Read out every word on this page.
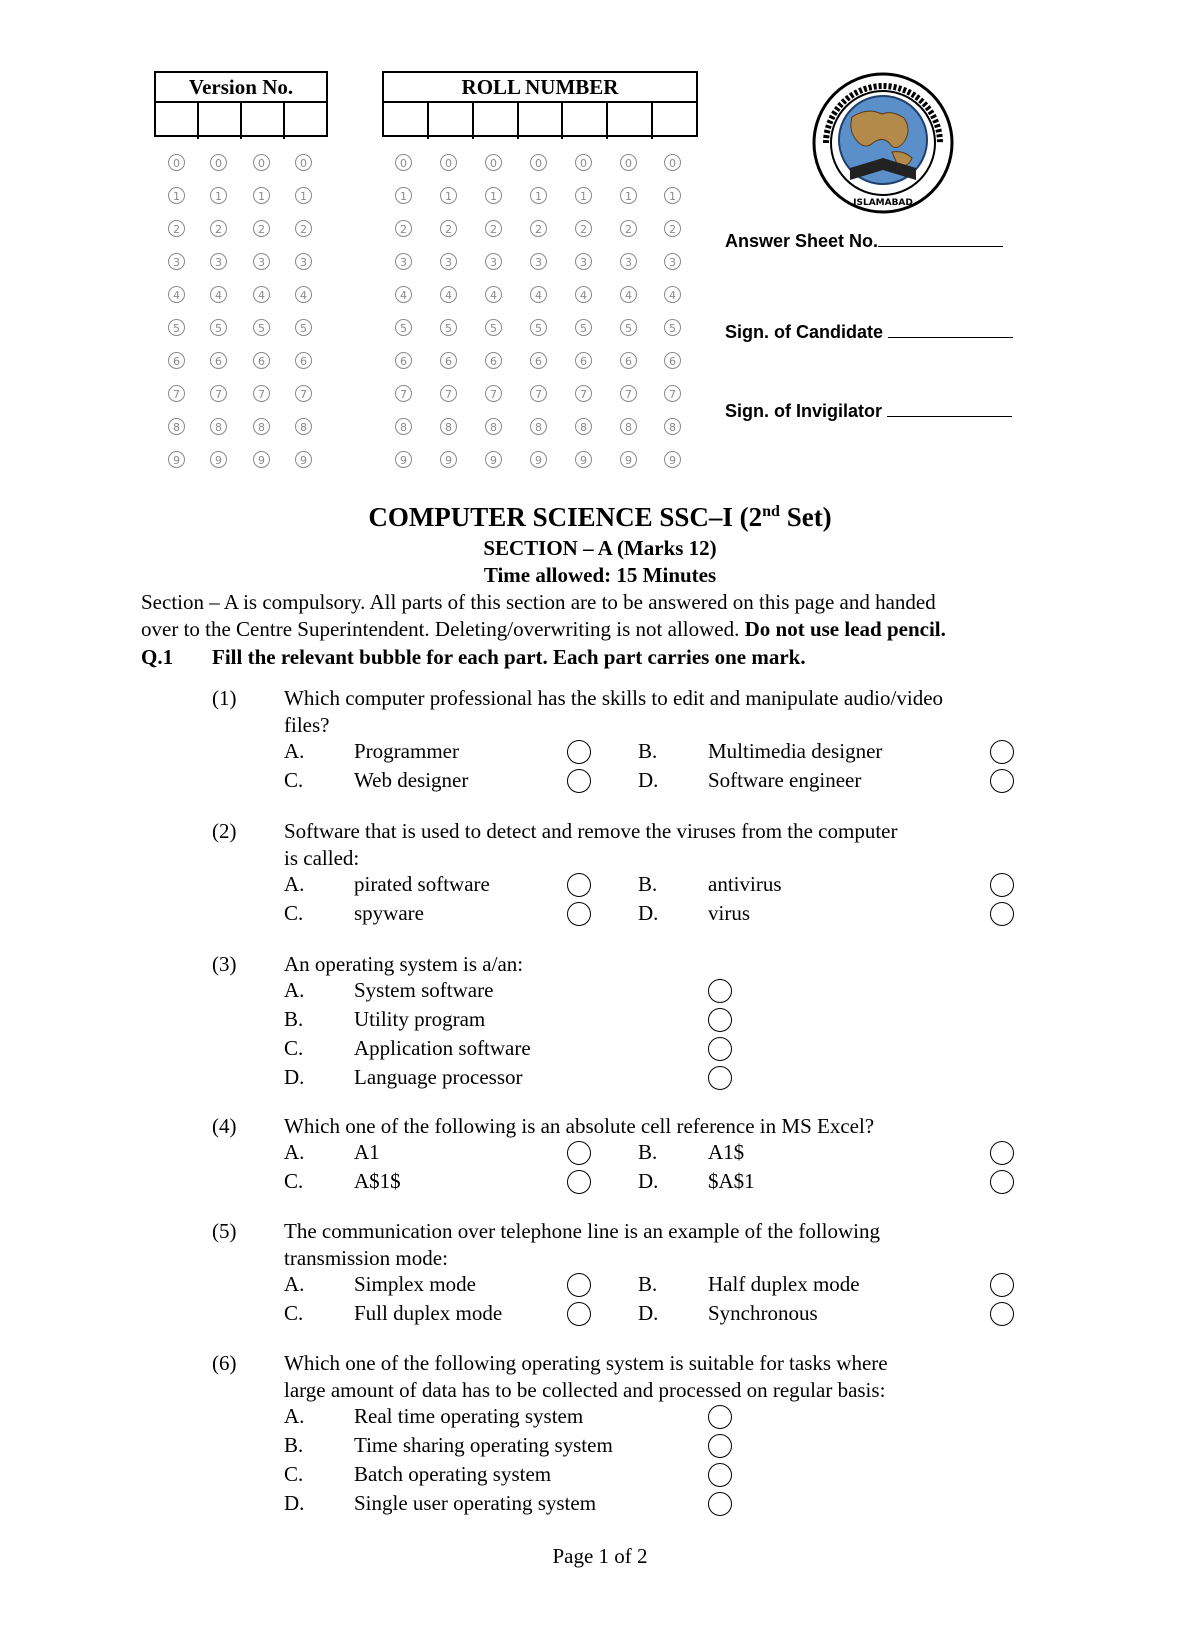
Version No.	ROLL NUMBER
0	0	0	0	0	0	0	0	0	0	0
1	1	1	1	1	1	1	1	1	1	1
2	2	2	2	2	2	2	2	2	2	2
3	3	3	3	3	3	3	3	3	3	3
4	4	4	4	4	4	4	4	4	4	4
5	5	5	5	5	5	5	5	5	5	5
6	6	6	6	6	6	6	6	6	6	6
7	7	7	7	7	7	7	7	7	7	7
8	8	8	8	8	8	8	8	8	8	8
9	9	9	9	9	9	9	9	9	9	9
ISLAMABAD
Answer Sheet No.
Sign. of Candidate
Sign. of Invigilator
COMPUTER SCIENCE SSC–I (2nd Set)
SECTION – A (Marks 12)
Time allowed: 15 Minutes
Section – A is compulsory. All parts of this section are to be answered on this page and handed
over to the Centre Superintendent. Deleting/overwriting is not allowed. Do not use lead pencil.
Q.1 Fill the relevant bubble for each part. Each part carries one mark.
(1) Which computer professional has the skills to edit and manipulate audio/video
files?
A. Programmer	B. Multimedia designer
C. Web designer	D. Software engineer
(2) Software that is used to detect and remove the viruses from the computer
is called:
A. pirated software	B. antivirus
C. spyware	D. virus
(3) An operating system is a/an:
A. System software
B. Utility program
C. Application software
D. Language processor
(4) Which one of the following is an absolute cell reference in MS Excel?
A. A1	B. A1$
C. A$1$	D. $A$1
(5) The communication over telephone line is an example of the following
transmission mode:
A. Simplex mode	B. Half duplex mode
C. Full duplex mode	D. Synchronous
(6) Which one of the following operating system is suitable for tasks where
large amount of data has to be collected and processed on regular basis:
A. Real time operating system
B. Time sharing operating system
C. Batch operating system
D. Single user operating system
Page 1 of 2
